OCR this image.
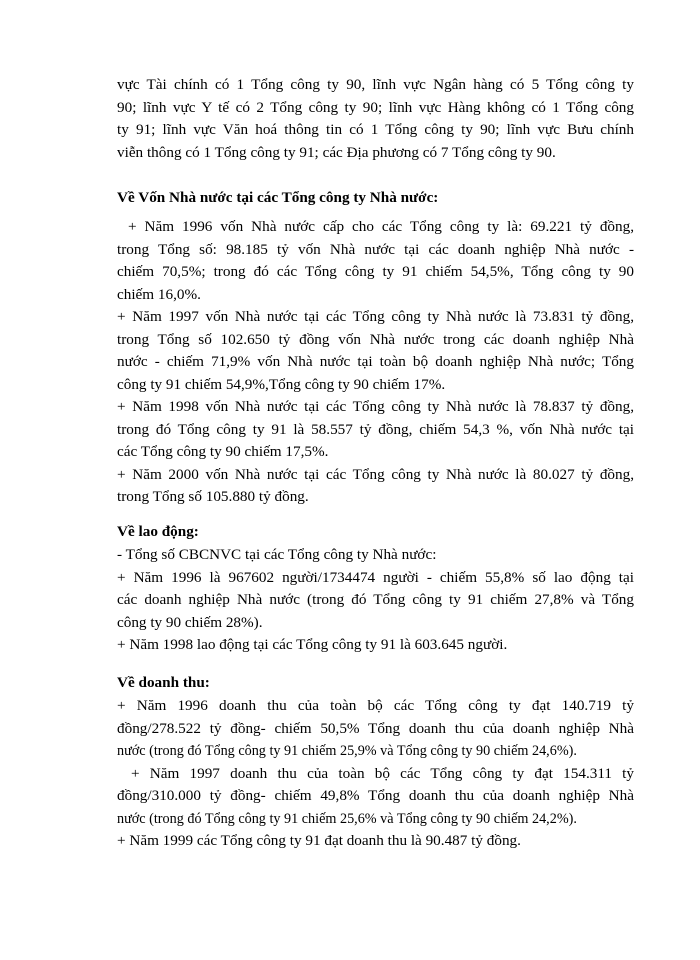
vực Tài chính có 1 Tổng công ty 90, lĩnh vực Ngân hàng có 5 Tổng công ty

90; lĩnh vực Y tế có 2 Tổng công ty 90; lĩnh vực Hàng không có 1 Tổng công

ty 91; lĩnh vực Văn hoá thông tin có 1 Tổng công ty 90; lĩnh vực Bưu chính

viễn thông có 1 Tổng công ty 91; các Địa phương có 7 Tổng công ty 90.

Về Vốn Nhà nước tại các Tổng công ty Nhà nước:

+ Năm 1996 vốn Nhà nước cấp cho các Tổng công ty là: 69.221 tỷ đồng,

trong Tổng số: 98.185 tỷ vốn Nhà nước tại các doanh nghiệp Nhà nước -

chiếm 70,5%; trong đó các Tổng công ty 91 chiếm 54,5%, Tổng công ty 90

chiếm 16,0%.

+ Năm 1997 vốn Nhà nước tại các Tổng công ty Nhà nước là 73.831 tỷ đồng,

trong Tổng số 102.650 tỷ đồng vốn Nhà nước trong các doanh nghiệp Nhà

nước - chiếm 71,9% vốn Nhà nước tại toàn bộ doanh nghiệp Nhà nước; Tổng

công ty 91 chiếm 54,9%,Tổng công ty 90 chiếm 17%.

+ Năm 1998 vốn Nhà nước tại các Tổng công ty Nhà nước là 78.837 tỷ đồng,

trong đó Tổng công ty 91 là 58.557 tỷ đồng, chiếm 54,3 %, vốn Nhà nước tại

các Tổng công ty 90 chiếm 17,5%.

+ Năm 2000 vốn Nhà nước tại các Tổng công ty Nhà nước là 80.027 tỷ đồng,

trong Tổng số 105.880 tỷ đồng.

Về lao động:

- Tổng số CBCNVC tại các Tổng công ty Nhà nước:

+ Năm 1996 là 967602 người/1734474 người - chiếm 55,8% số lao động tại

các doanh nghiệp Nhà nước (trong đó Tổng công ty 91 chiếm 27,8% và Tổng

công ty 90 chiếm 28%).

+ Năm 1998 lao động tại các Tổng công ty 91 là 603.645 người.

Về doanh thu:

+ Năm 1996 doanh thu của toàn bộ các Tổng công ty đạt 140.719 tỷ

đồng/278.522 tỷ đồng- chiếm 50,5% Tổng doanh thu của doanh nghiệp Nhà

nước (trong đó Tổng công ty 91 chiếm 25,9% và Tổng công ty 90 chiếm 24,6%).

+ Năm 1997 doanh thu của toàn bộ các Tổng công ty đạt 154.311 tỷ

đồng/310.000 tỷ đồng- chiếm 49,8% Tổng doanh thu của doanh nghiệp Nhà

nước (trong đó Tổng công ty 91 chiếm 25,6% và Tổng công ty 90 chiếm 24,2%).

+ Năm 1999 các Tổng công ty 91 đạt doanh thu là 90.487 tỷ đồng.
